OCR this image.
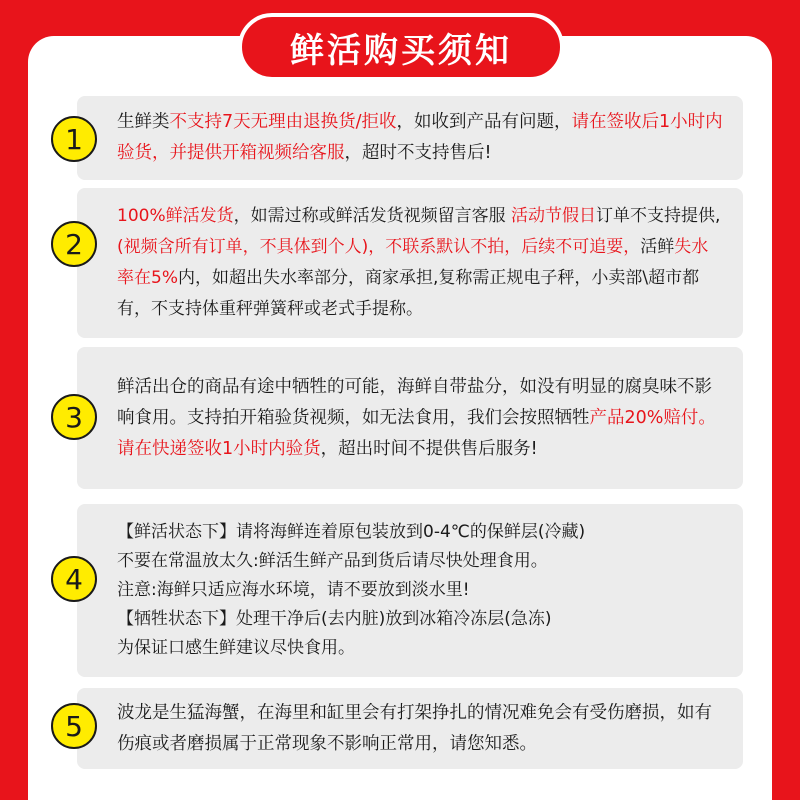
鲜活购买须知
生鲜类不支持7天无理由退换货/拒收，如收到产品有问题，请在签收后1小时内验货，并提供开箱视频给客服，超时不支持售后!
1
100%鲜活发货，如需过称或鲜活发货视频留言客服 活动节假日订单不支持提供,(视频含所有订单，不具体到个人)，不联系默认不拍，后续不可追要，活鲜失水率在5%内，如超出失水率部分，商家承担,复称需正规电子秤，小卖部\超市都有，不支持体重秤弹簧秤或老式手提称。
2
鲜活出仓的商品有途中牺牲的可能，海鲜自带盐分，如没有明显的腐臭味不影响食用。支持拍开箱验货视频，如无法食用，我们会按照牺牲产品20%赔付。请在快递签收1小时内验货，超出时间不提供售后服务!
3
【鲜活状态下】请将海鲜连着原包装放到0-4℃的保鲜层(冷藏)
不要在常温放太久:鲜活生鲜产品到货后请尽快处理食用。
注意:海鲜只适应海水环境，请不要放到淡水里!
【牺牲状态下】处理干净后(去内脏)放到冰箱冷冻层(急冻)
为保证口感生鲜建议尽快食用。
4
波龙是生猛海蟹，在海里和缸里会有打架挣扎的情况难免会有受伤磨损，如有伤痕或者磨损属于正常现象不影响正常用，请您知悉。
5
